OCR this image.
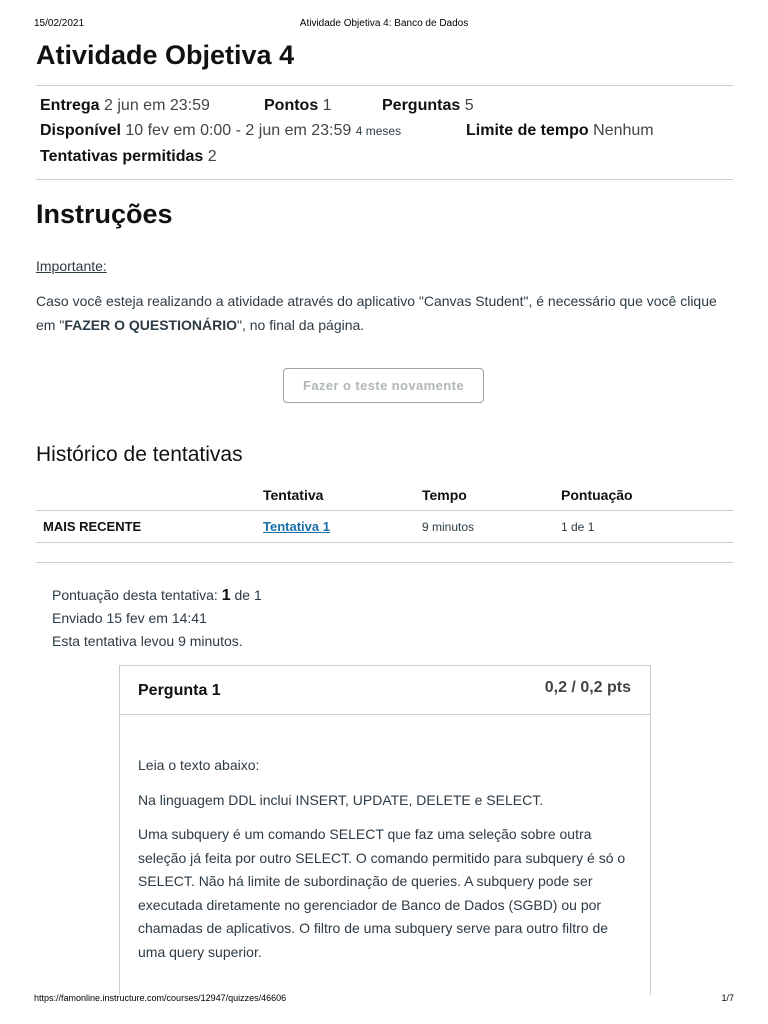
15/02/2021	Atividade Objetiva 4: Banco de Dados
Atividade Objetiva 4
Entrega 2 jun em 23:59	Pontos 1	Perguntas 5
Disponível 10 fev em 0:00 - 2 jun em 23:59 4 meses	Limite de tempo Nenhum
Tentativas permitidas 2
Instruções
Importante:

Caso você esteja realizando a atividade através do aplicativo "Canvas Student", é necessário que você clique em "FAZER O QUESTIONÁRIO", no final da página.

Fazer o teste novamente
Histórico de tentativas
	Tentativa	Tempo	Pontuação
MAIS RECENTE	Tentativa 1	9 minutos	1 de 1
Pontuação desta tentativa: 1 de 1
Enviado 15 fev em 14:41
Esta tentativa levou 9 minutos.
Pergunta 1	0,2 / 0,2 pts

Leia o texto abaixo:

Na linguagem DDL inclui INSERT, UPDATE, DELETE e SELECT.

Uma subquery é um comando SELECT que faz uma seleção sobre outra seleção já feita por outro SELECT. O comando permitido para subquery é só o SELECT. Não há limite de subordinação de queries. A subquery pode ser executada diretamente no gerenciador de Banco de Dados (SGBD) ou por chamadas de aplicativos. O filtro de uma subquery serve para outro filtro de uma query superior.

https://famonline.instructure.com/courses/12947/quizzes/46606	1/7
